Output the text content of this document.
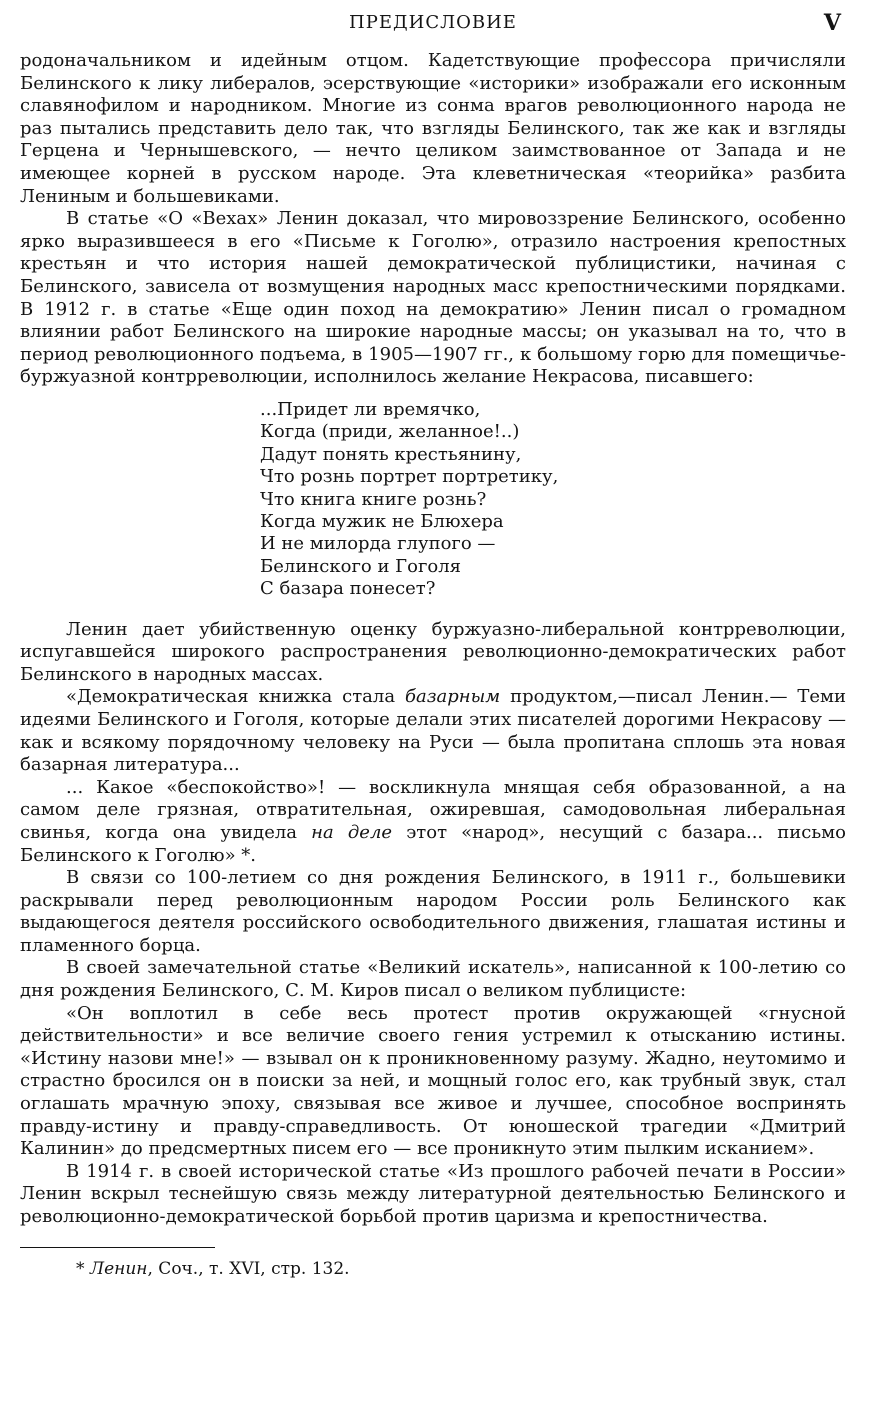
ПРЕДИСЛОВИЕ	V

родоначальником и идейным отцом. Кадетствующие профессора причисляли Белинского к лику либералов, эсерствующие «историки» изображали его исконным славянофилом и народником. Многие из сонма врагов революционного народа не раз пытались представить дело так, что взгляды Белинского, так же как и взгляды Герцена и Чернышевского, — нечто целиком заимствованное от Запада и не имеющее корней в русском народе. Эта клеветническая «теорийка» разбита Лениным и большевиками.

В статье «О «Вехах» Ленин доказал, что мировоззрение Белинского, особенно ярко выразившееся в его «Письме к Гоголю», отразило настроения крепостных крестьян и что история нашей демократической публицистики, начиная с Белинского, зависела от возмущения народных масс крепостническими порядками. В 1912 г. в статье «Еще один поход на демократию» Ленин писал о громадном влиянии работ Белинского на широкие народные массы; он указывал на то, что в период революционного подъема, в 1905—1907 гг., к большому горю для помещичье-буржуазной контрреволюции, исполнилось желание Некрасова, писавшего:

...Придет ли времячко,
Когда (приди, желанное!..)
Дадут понять крестьянину,
Что рознь портрет портретику,
Что книга книге рознь?
Когда мужик не Блюхера
И не милорда глупого —
Белинского и Гоголя
С базара понесет?

Ленин дает убийственную оценку буржуазно-либеральной контрреволюции, испугавшейся широкого распространения революционно-демократических работ Белинского в народных массах.

«Демократическая книжка стала базарным продуктом,—писал Ленин.— Теми идеями Белинского и Гоголя, которые делали этих писателей дорогими Некрасову — как и всякому порядочному человеку на Руси — была пропитана сплошь эта новая базарная литература...

... Какое «беспокойство»! — воскликнула мнящая себя образованной, а на самом деле грязная, отвратительная, ожиревшая, самодовольная либеральная свинья, когда она увидела на деле этот «народ», несущий с базара... письмо Белинского к Гоголю» *.

В связи со 100-летием со дня рождения Белинского, в 1911 г., большевики раскрывали перед революционным народом России роль Белинского как выдающегося деятеля российского освободительного движения, глашатая истины и пламенного борца.

В своей замечательной статье «Великий искатель», написанной к 100-летию со дня рождения Белинского, С. М. Киров писал о великом публицисте:

«Он воплотил в себе весь протест против окружающей «гнусной действительности» и все величие своего гения устремил к отысканию истины. «Истину назови мне!» — взывал он к проникновенному разуму. Жадно, неутомимо и страстно бросился он в поиски за ней, и мощный голос его, как трубный звук, стал оглашать мрачную эпоху, связывая все живое и лучшее, способное воспринять правду-истину и правду-справедливость. От юношеской трагедии «Дмитрий Калинин» до предсмертных писем его — все проникнуто этим пылким исканием».

В 1914 г. в своей исторической статье «Из прошлого рабочей печати в России» Ленин вскрыл теснейшую связь между литературной деятельностью Белинского и революционно-демократической борьбой против царизма и крепостничества.

* Ленин, Соч., т. XVI, стр. 132.
